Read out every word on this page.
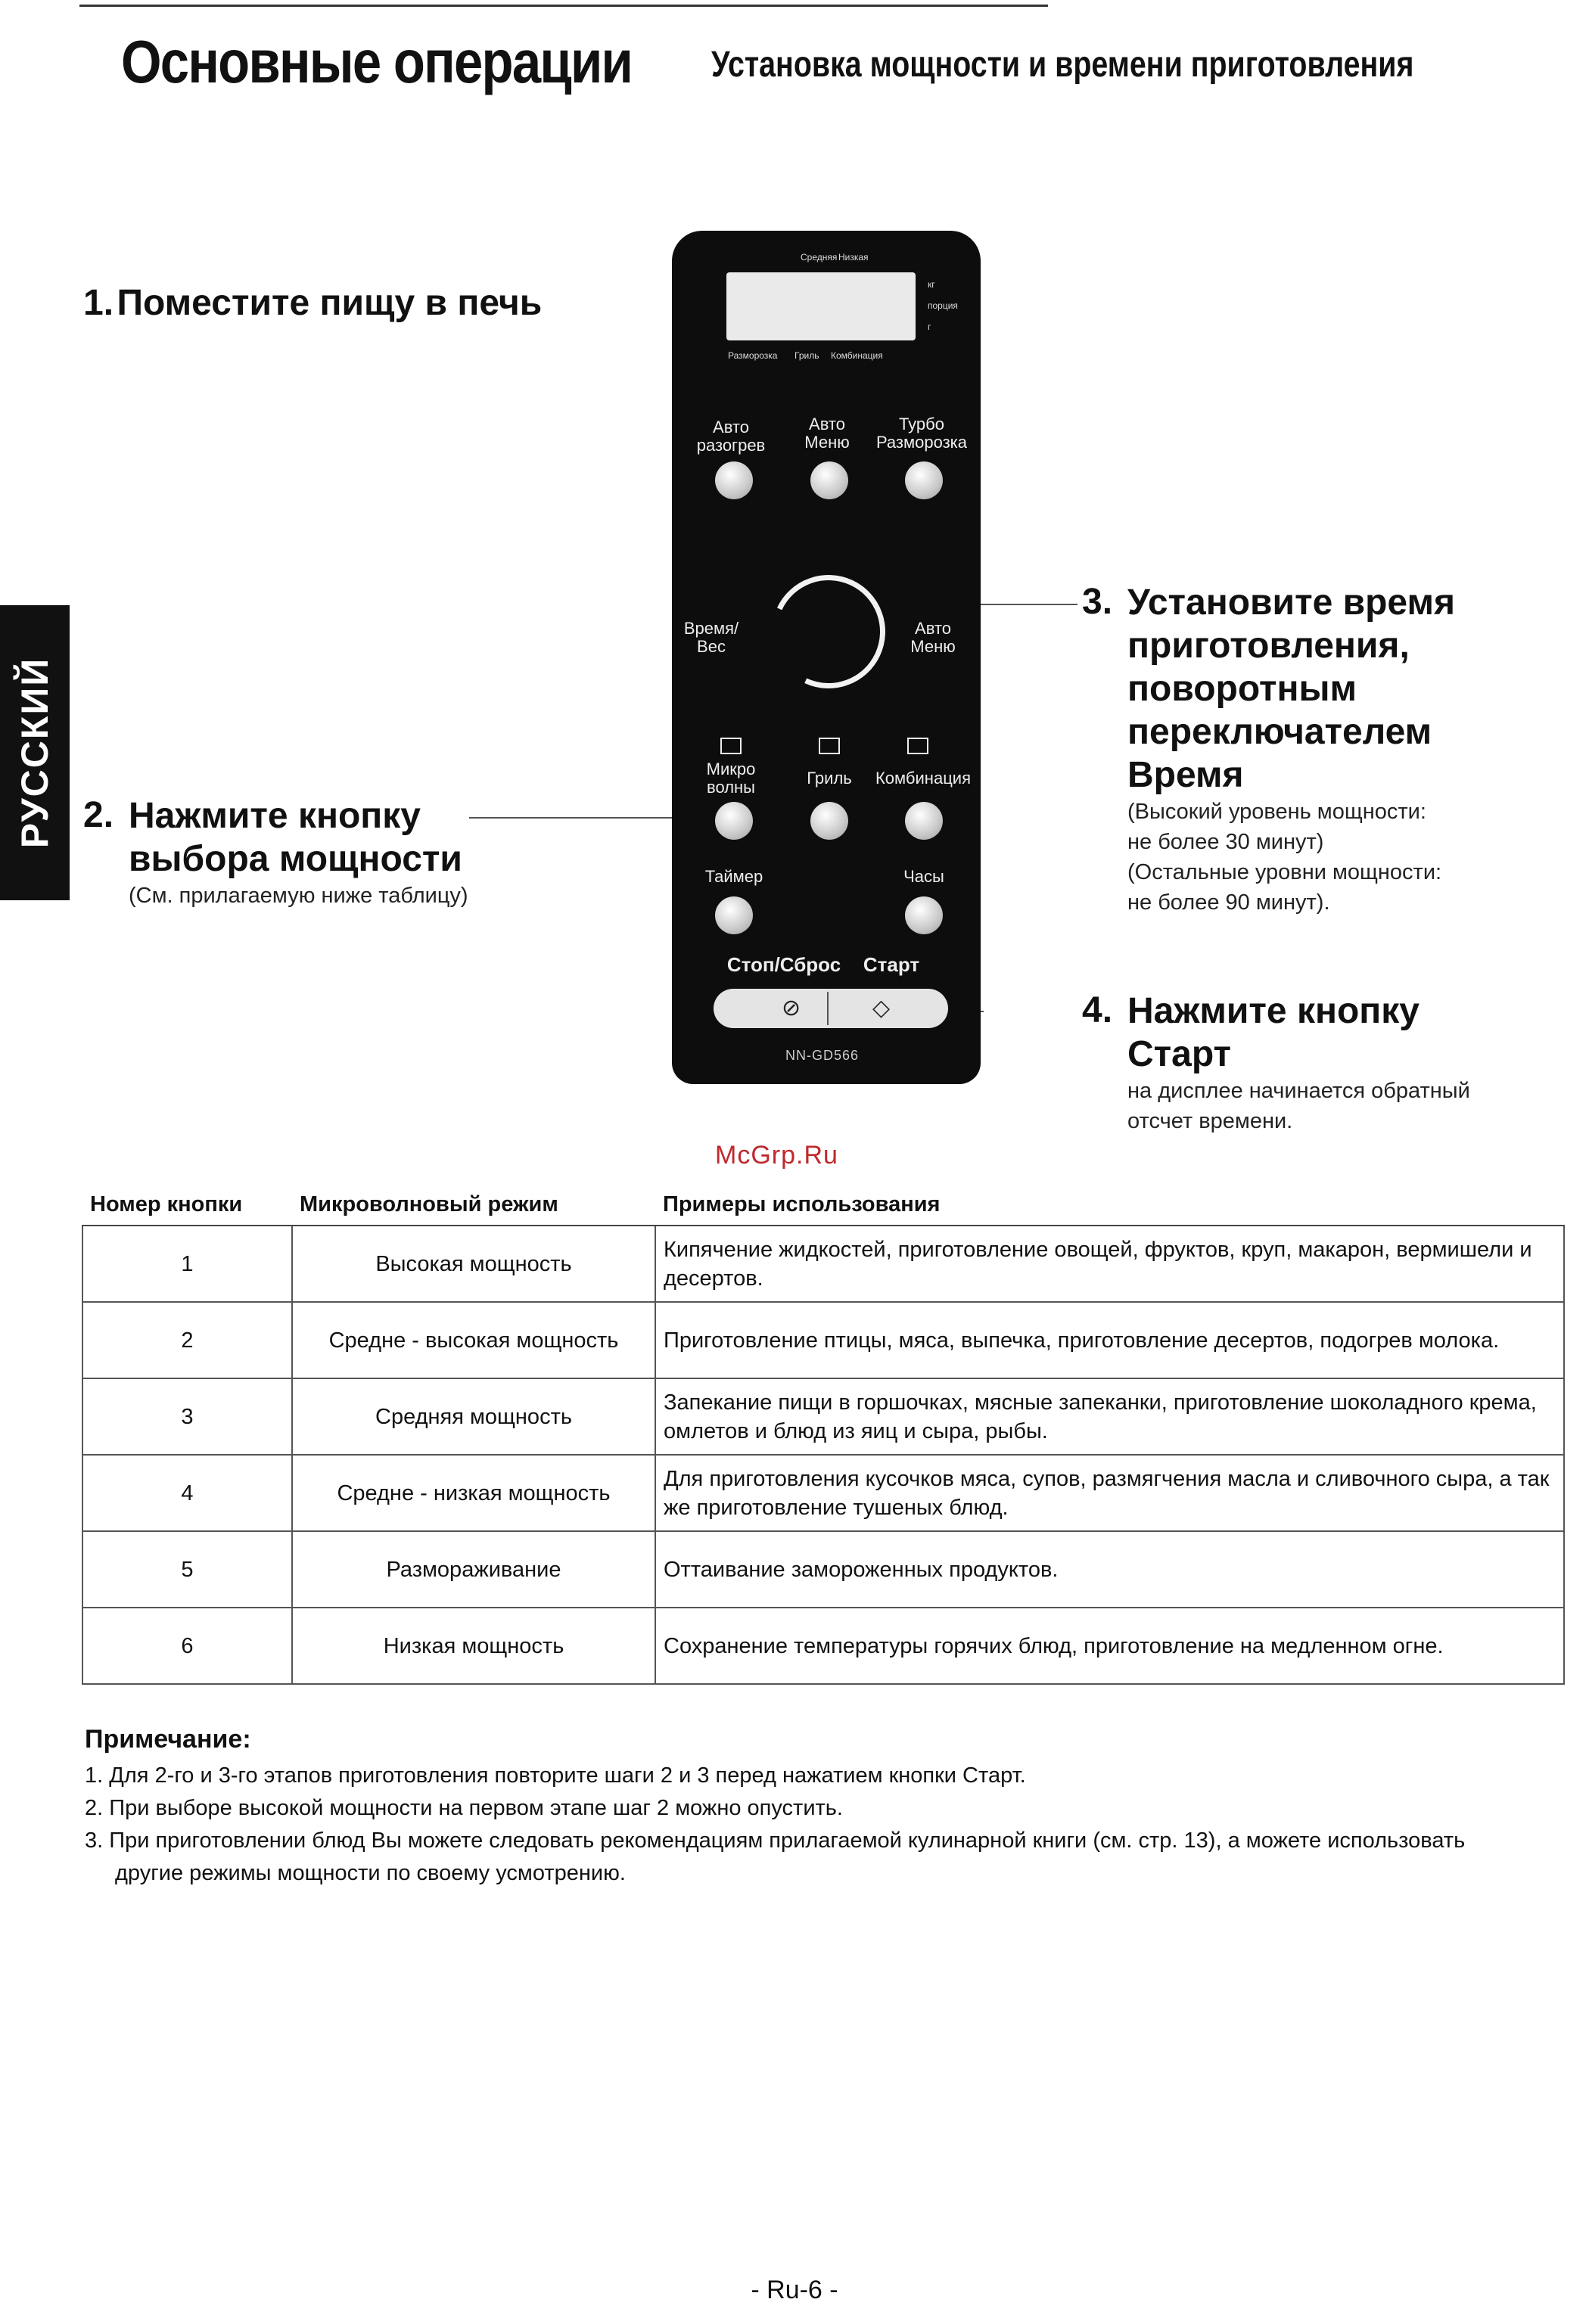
Основные операции Установка мощности и времени приготовления
РУССКИЙ
1. Поместите пищу в печь
2. Нажмите кнопку
выбора мощности
(См. прилагаемую ниже таблицу)
3. Установите время
приготовления,
поворотным
переключателем
Время
(Высокий уровень мощности:
не более 30 минут)
(Остальные уровни мощности:
не более 90 минут).
4. Нажмите кнопку
Старт
на дисплее начинается обратный
отсчет времени.
Средняя Низкая
кг
порция
г
Разморозка Гриль Комбинация
Авто
разогрев
Авто
Меню
Турбо
Разморозка
Время/
Вес
Авто
Меню
Микро
волны	Гриль Комбинация
Таймер	Часы
Стоп/Сброс Старт
⊘	◇
NN-GD566
McGrp.Ru
Номер кнопки	Микроволновый режим	Примеры использования
1	Высокая мощность	Кипячение жидкостей, приготовление овощей, фруктов, круп, макарон, вермишели и десертов.
2	Средне - высокая мощность	Приготовление птицы, мяса, выпечка, приготовление десертов, подогрев молока.
3	Средняя мощность	Запекание пищи в горшочках, мясные запеканки, приготовление шоколадного крема, омлетов и блюд из яиц и сыра, рыбы.
4	Средне - низкая мощность	Для приготовления кусочков мяса, супов, размягчения масла и сливочного сыра, а так же приготовление тушеных блюд.
5	Размораживание	Оттаивание замороженных продуктов.
6	Низкая мощность	Сохранение температуры горячих блюд, приготовление на медленном огне.
Примечание:
1. Для 2-го и 3-го этапов приготовления повторите шаги 2 и 3 перед нажатием кнопки Старт.
2. При выборе высокой мощности на первом этапе шаг 2 можно опустить.
3. При приготовлении блюд Вы можете следовать рекомендациям прилагаемой кулинарной книги (см. стр. 13), а можете использовать другие режимы мощности по своему усмотрению.
- Ru-6 -
